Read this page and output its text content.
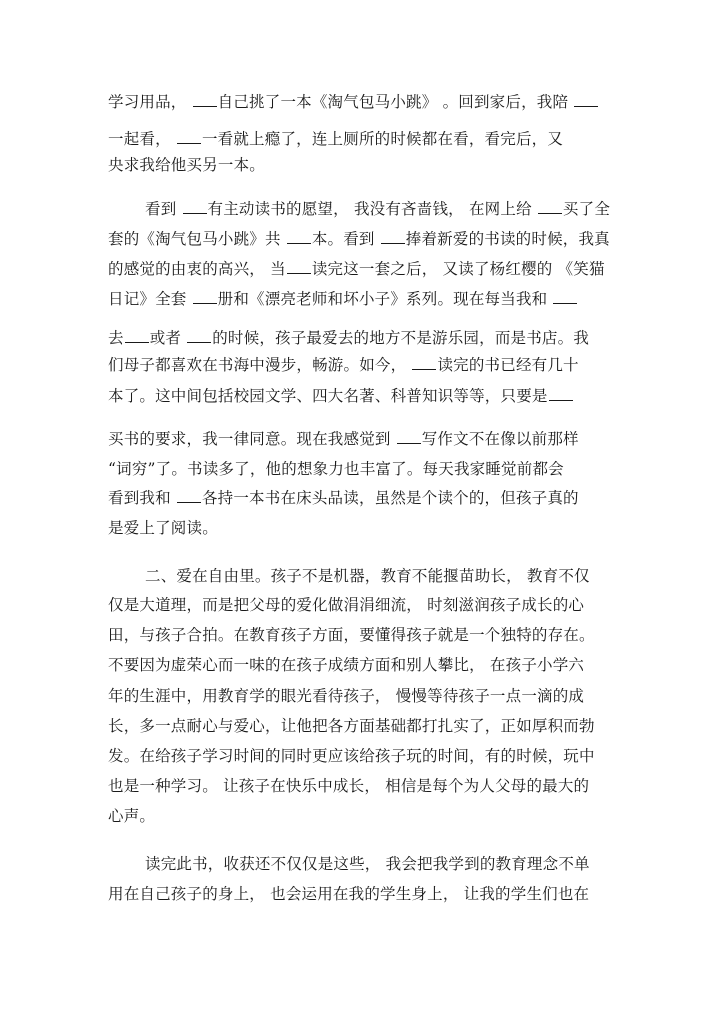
学习用品， 自己挑了一本《淘气包马小跳》 。回到家后，我陪
一起看， 一看就上瘾了，连上厕所的时候都在看，看完后，又
央求我给他买另一本。
看到 有主动读书的愿望， 我没有吝啬钱， 在网上给 买了全
套的《淘气包马小跳》共 本。看到 捧着新爱的书读的时候，我真
的感觉的由衷的高兴， 当 读完这一套之后， 又读了杨红樱的 《笑猫
日记》全套 册和《漂亮老师和坏小子》系列。现在每当我和
去 或者 的时候，孩子最爱去的地方不是游乐园，而是书店。我
们母子都喜欢在书海中漫步，畅游。如今， 读完的书已经有几十
本了。这中间包括校园文学、四大名著、科普知识等等，只要是
买书的要求，我一律同意。现在我感觉到 写作文不在像以前那样
“词穷”了。书读多了，他的想象力也丰富了。每天我家睡觉前都会
看到我和 各持一本书在床头品读，虽然是个读个的，但孩子真的
是爱上了阅读。
二、爱在自由里。孩子不是机器，教育不能揠苗助长， 教育不仅
仅是大道理，而是把父母的爱化做涓涓细流， 时刻滋润孩子成长的心
田，与孩子合拍。在教育孩子方面，要懂得孩子就是一个独特的存在。
不要因为虚荣心而一味的在孩子成绩方面和别人攀比， 在孩子小学六
年的生涯中，用教育学的眼光看待孩子， 慢慢等待孩子一点一滴的成
长，多一点耐心与爱心，让他把各方面基础都打扎实了，正如厚积而勃
发。在给孩子学习时间的同时更应该给孩子玩的时间，有的时候，玩中
也是一种学习。 让孩子在快乐中成长， 相信是每个为人父母的最大的
心声。
读完此书，收获还不仅仅是这些， 我会把我学到的教育理念不单
用在自己孩子的身上， 也会运用在我的学生身上， 让我的学生们也在
